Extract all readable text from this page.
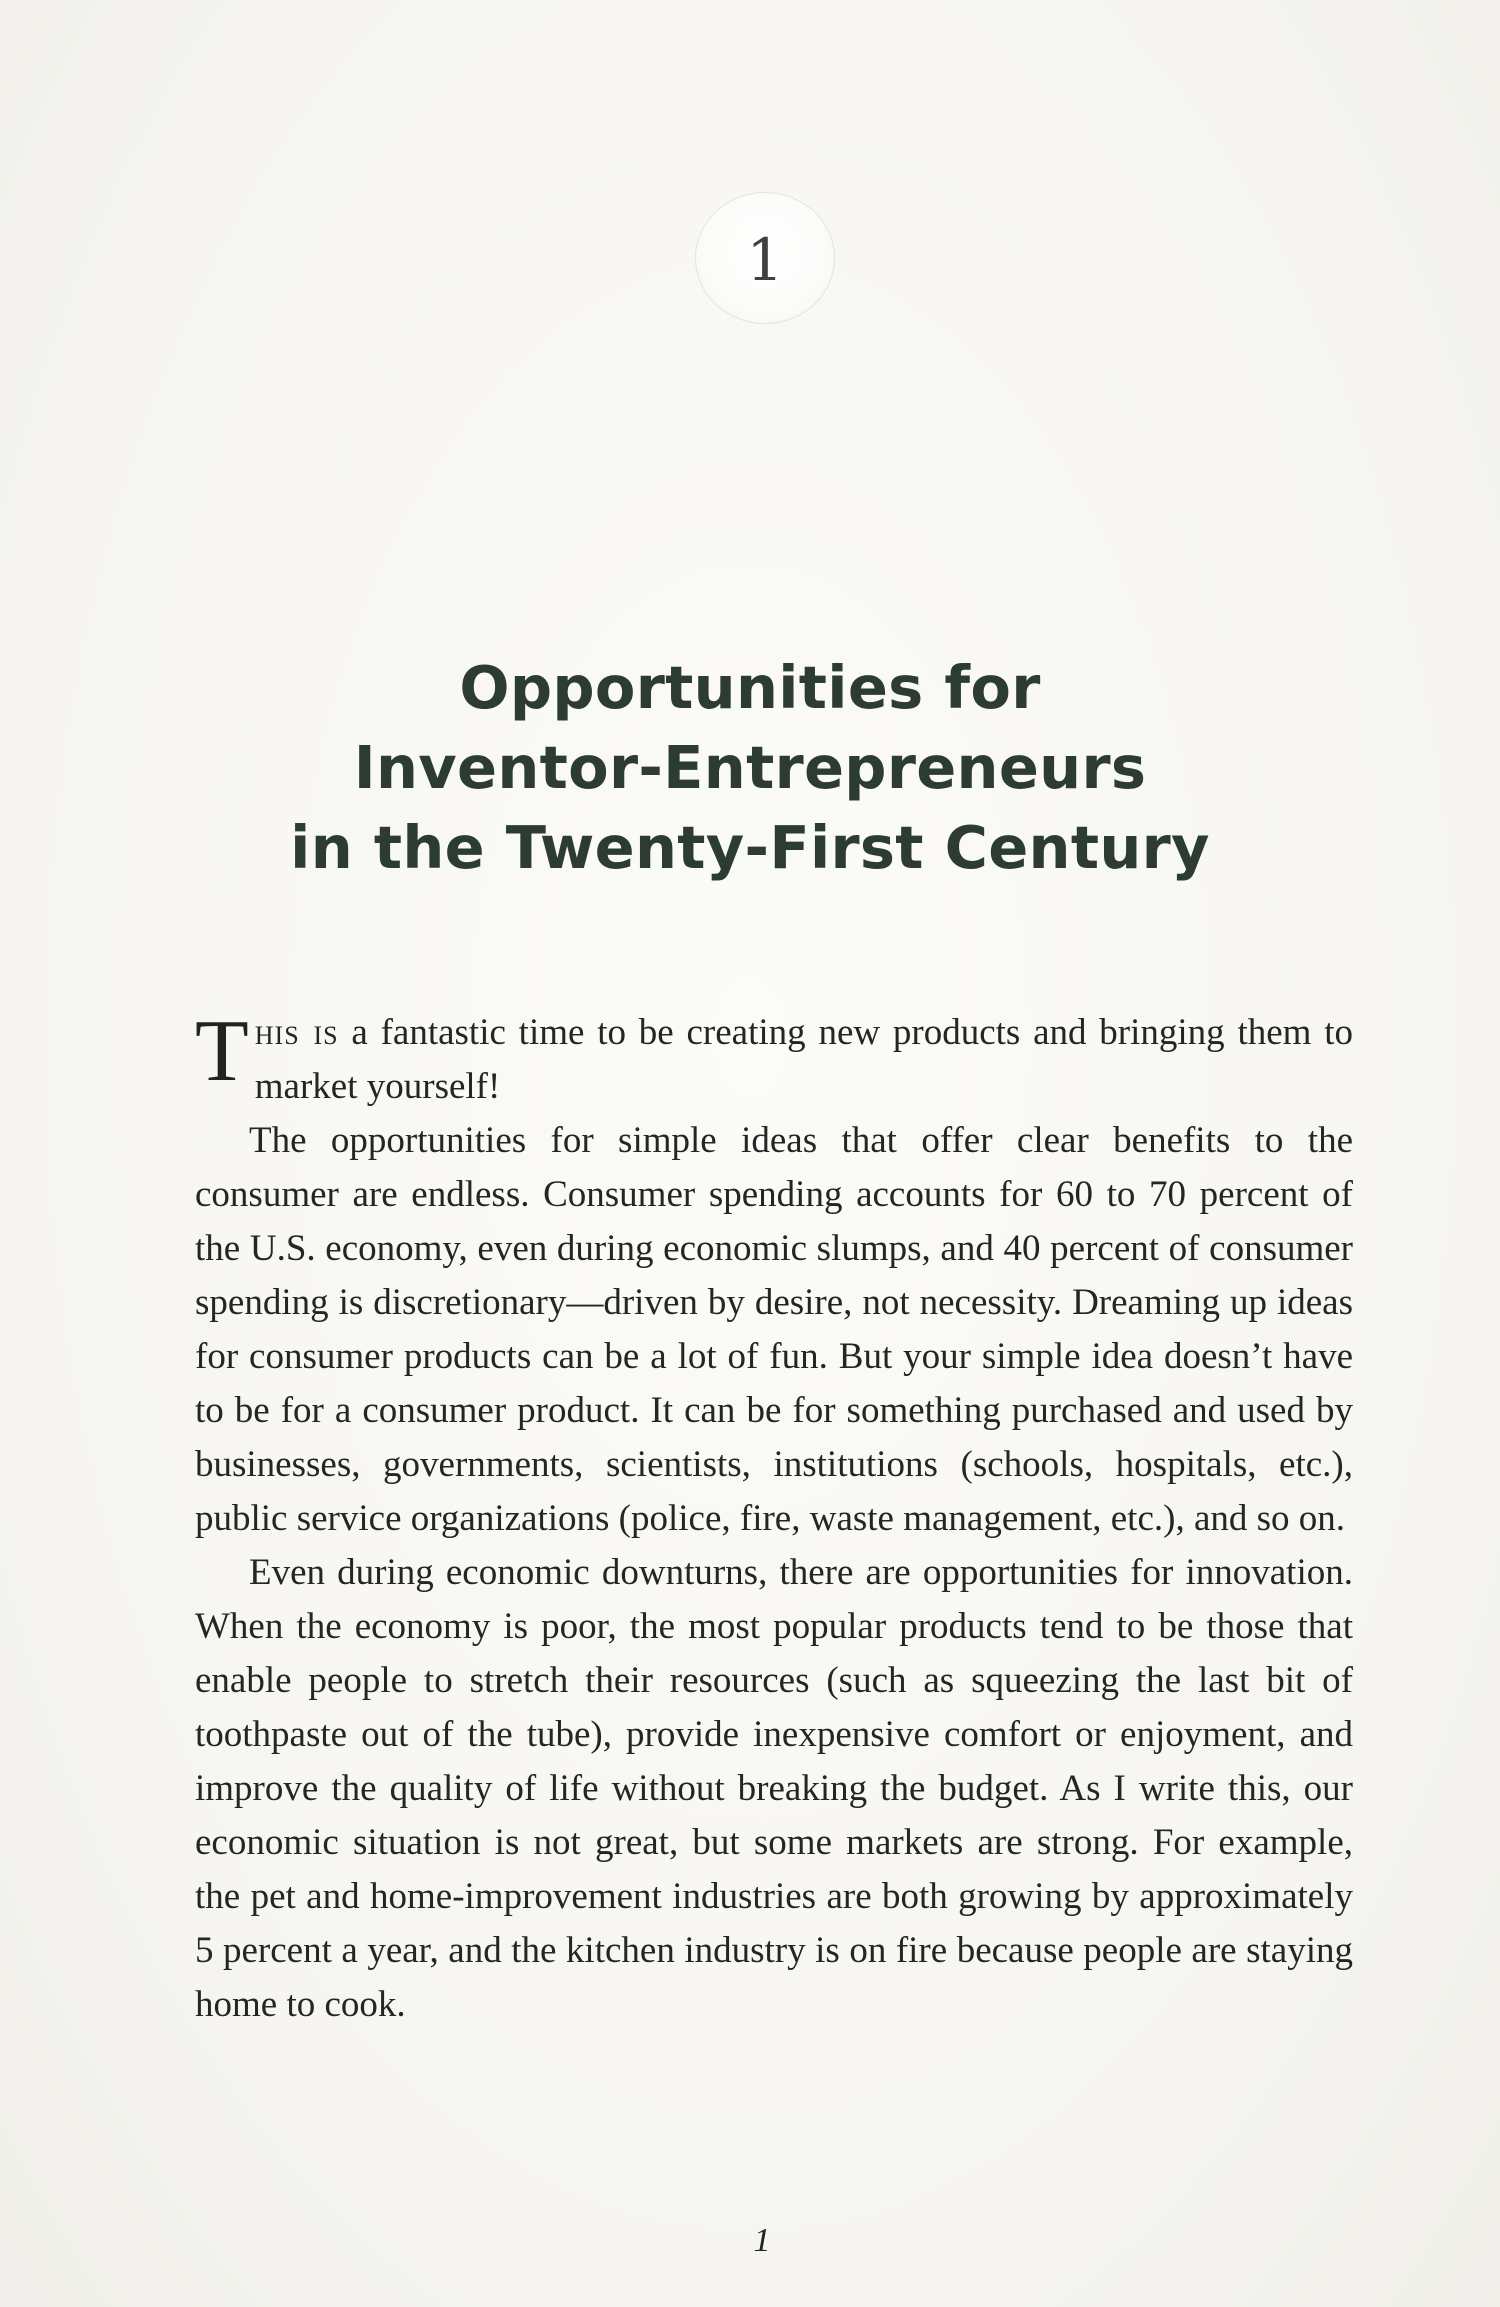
1
Opportunities for
Inventor-Entrepreneurs
in the Twenty-First Century

This is a fantastic time to be creating new products and bringing them to market yourself!

The opportunities for simple ideas that offer clear benefits to the consumer are endless. Consumer spending accounts for 60 to 70 percent of the U.S. economy, even during economic slumps, and 40 percent of consumer spending is discretionary—driven by desire, not necessity. Dreaming up ideas for consumer products can be a lot of fun. But your simple idea doesn’t have to be for a consumer product. It can be for something purchased and used by businesses, governments, scientists, institutions (schools, hospitals, etc.), public service organizations (police, fire, waste management, etc.), and so on.

Even during economic downturns, there are opportunities for innovation. When the economy is poor, the most popular products tend to be those that enable people to stretch their resources (such as squeezing the last bit of toothpaste out of the tube), provide inexpensive comfort or enjoyment, and improve the quality of life without breaking the budget. As I write this, our economic situation is not great, but some markets are strong. For example, the pet and home-improvement industries are both growing by approximately 5 percent a year, and the kitchen industry is on fire because people are staying home to cook.

1
